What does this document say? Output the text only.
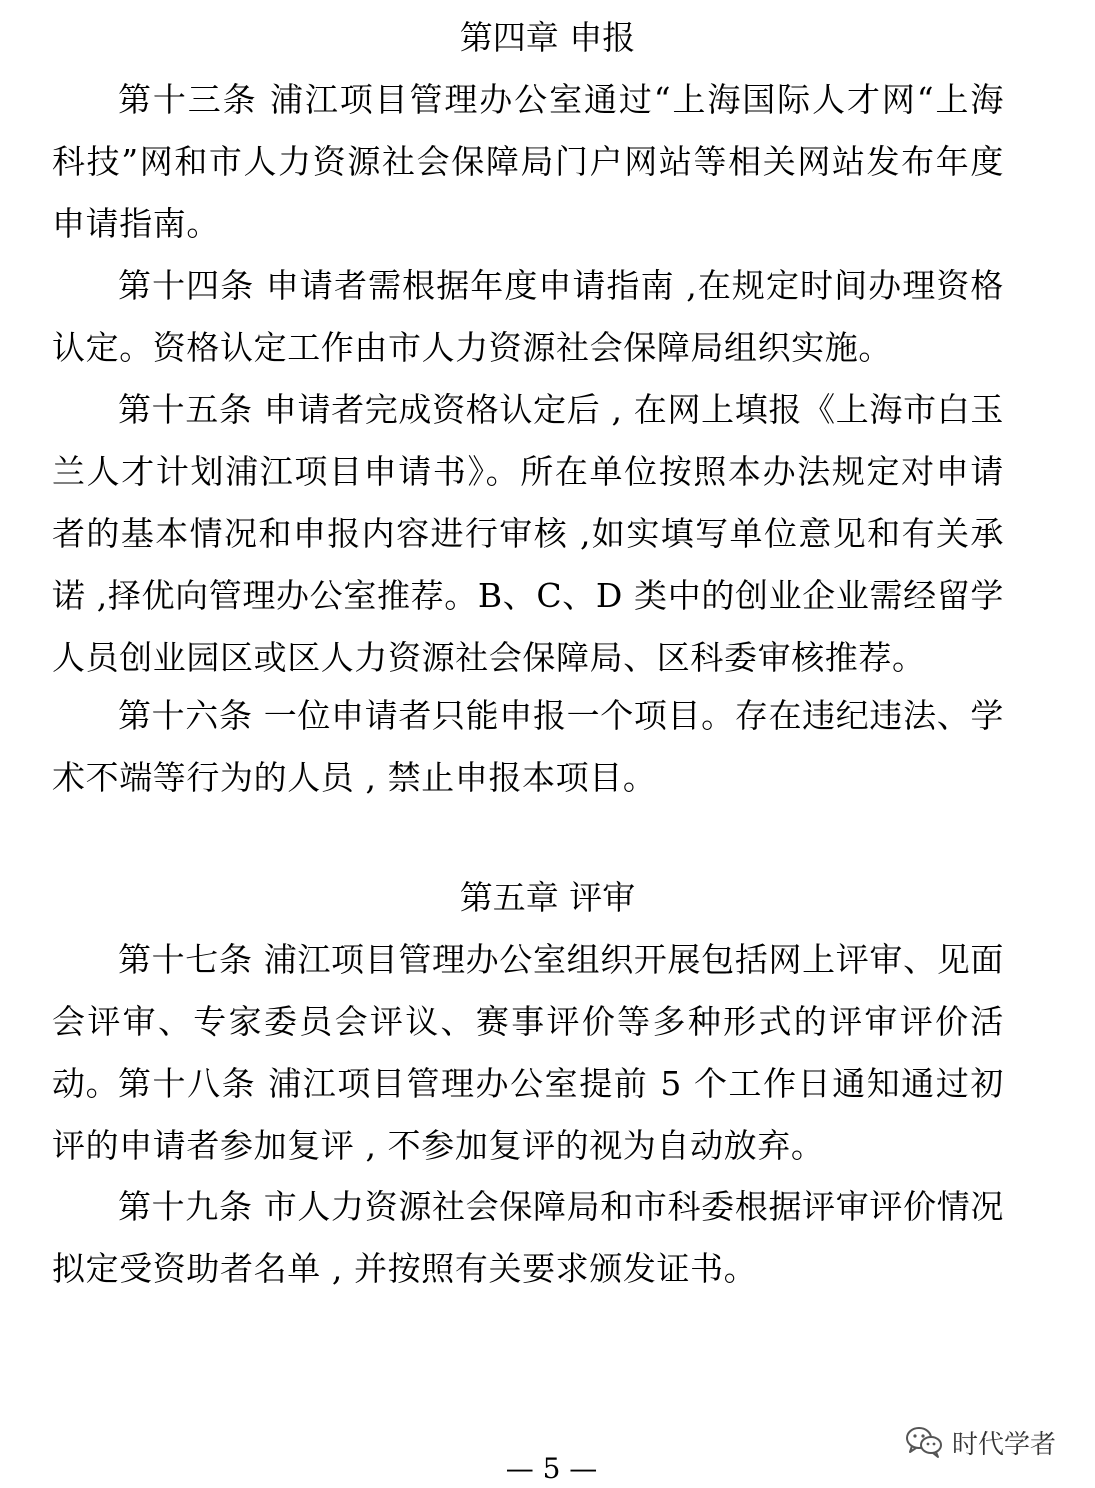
第四章 申报

第十三条 浦江项目管理办公室通过“上海国际人才网“上海科技”网和市人力资源社会保障局门户网站等相关网站发布年度申请指南。

第十四条 申请者需根据年度申请指南 ,在规定时间办理资格认定。资格认定工作由市人力资源社会保障局组织实施。

第十五条 申请者完成资格认定后 , 在网上填报《上海市白玉兰人才计划浦江项目申请书》。所在单位按照本办法规定对申请者的基本情况和申报内容进行审核 ,如实填写单位意见和有关承诺 ,择优向管理办公室推荐。B、C、D 类中的创业企业需经留学人员创业园区或区人力资源社会保障局、区科委审核推荐。

第十六条 一位申请者只能申报一个项目。存在违纪违法、学术不端等行为的人员 , 禁止申报本项目。

第五章 评审

第十七条 浦江项目管理办公室组织开展包括网上评审、见面会评审、专家委员会评议、赛事评价等多种形式的评审评价活动。

第十八条 浦江项目管理办公室提前 5 个工作日通知通过初评的申请者参加复评 , 不参加复评的视为自动放弃。

第十九条 市人力资源社会保障局和市科委根据评审评价情况拟定受资助者名单 , 并按照有关要求颁发证书。

时代学者
— 5 —
